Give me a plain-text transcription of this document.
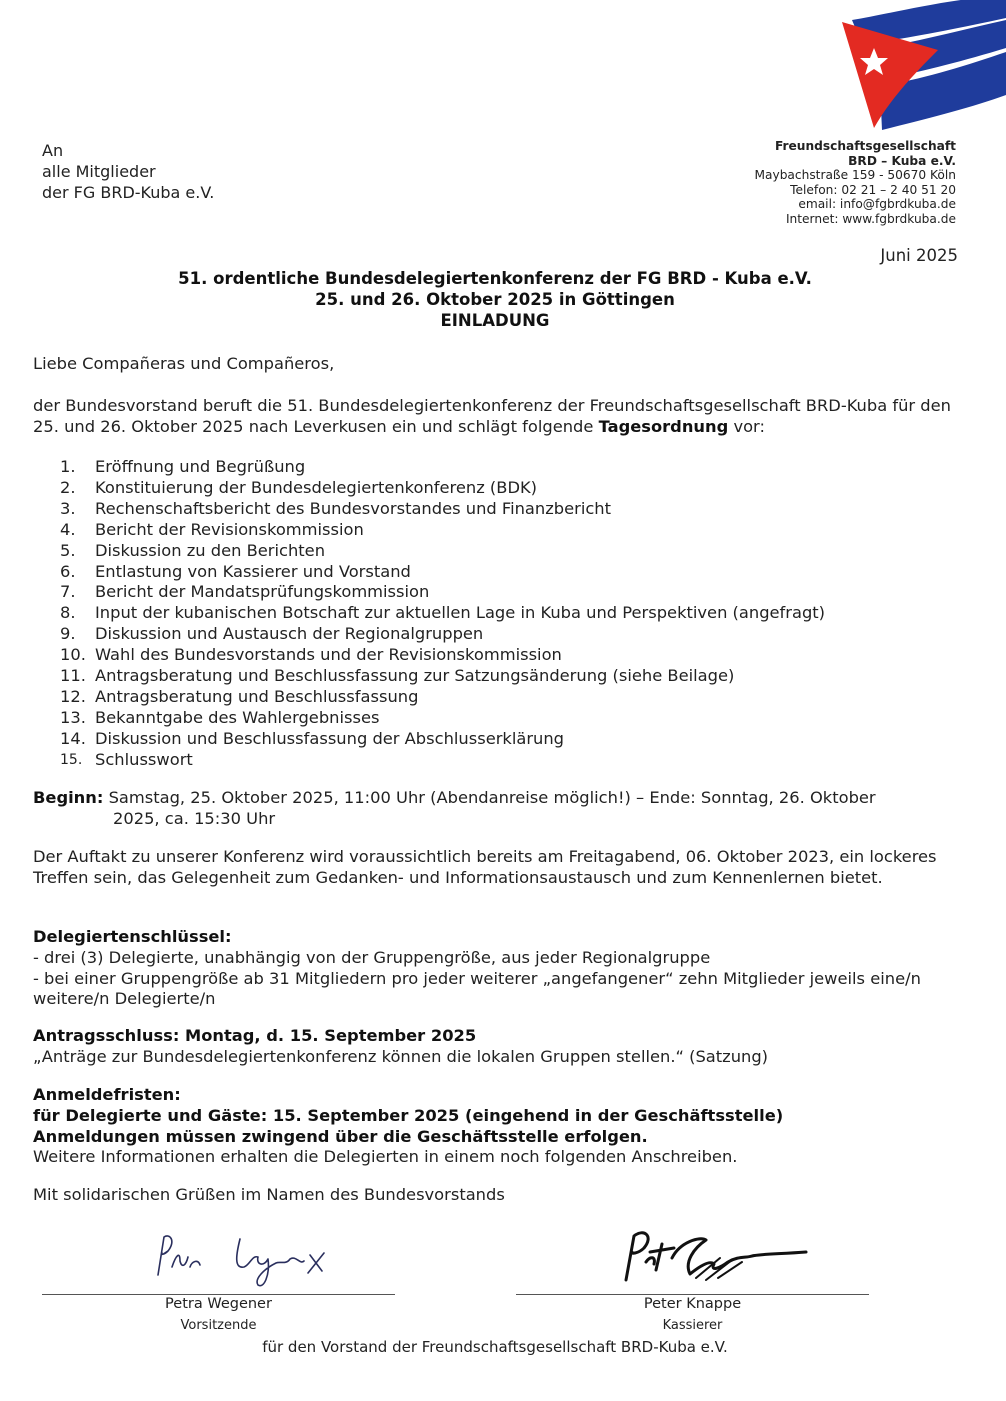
An
alle Mitglieder
der FG BRD-Kuba e.V.
Freundschaftsgesellschaft
BRD – Kuba e.V.
Maybachstraße 159 - 50670 Köln
Telefon: 02 21 – 2 40 51 20
email: info@fgbrdkuba.de
Internet: www.fgbrdkuba.de
Juni 2025
51. ordentliche Bundesdelegiertenkonferenz der FG BRD - Kuba e.V.
25. und 26. Oktober 2025 in Göttingen
EINLADUNG
Liebe Compañeras und Compañeros,
der Bundesvorstand beruft die 51. Bundesdelegiertenkonferenz der Freundschaftsgesellschaft BRD-Kuba für den 25. und 26. Oktober 2025 nach Leverkusen ein und schlägt folgende Tagesordnung vor:
1.	Eröffnung und Begrüßung
2.	Konstituierung der Bundesdelegiertenkonferenz (BDK)
3.	Rechenschaftsbericht des Bundesvorstandes und Finanzbericht
4.	Bericht der Revisionskommission
5.	Diskussion zu den Berichten
6.	Entlastung von Kassierer und Vorstand
7.	Bericht der Mandatsprüfungskommission
8.	Input der kubanischen Botschaft zur aktuellen Lage in Kuba und Perspektiven (angefragt)
9.	Diskussion und Austausch der Regionalgruppen
10. Wahl des Bundesvorstands und der Revisionskommission
11. Antragsberatung und Beschlussfassung zur Satzungsänderung (siehe Beilage)
12. Antragsberatung und Beschlussfassung
13. Bekanntgabe des Wahlergebnisses
14. Diskussion und Beschlussfassung der Abschlusserklärung
15. Schlusswort
Beginn: Samstag, 25. Oktober 2025, 11:00 Uhr (Abendanreise möglich!) – Ende: Sonntag, 26. Oktober
2025, ca. 15:30 Uhr
Der Auftakt zu unserer Konferenz wird voraussichtlich bereits am Freitagabend, 06. Oktober 2023, ein lockeres Treffen sein, das Gelegenheit zum Gedanken- und Informationsaustausch und zum Kennenlernen bietet.
Delegiertenschlüssel:
- drei (3) Delegierte, unabhängig von der Gruppengröße, aus jeder Regionalgruppe
- bei einer Gruppengröße ab 31 Mitgliedern pro jeder weiterer „angefangener“ zehn Mitglieder jeweils eine/n weitere/n Delegierte/n
Antragsschluss: Montag, d. 15. September 2025
„Anträge zur Bundesdelegiertenkonferenz können die lokalen Gruppen stellen.“ (Satzung)
Anmeldefristen:
für Delegierte und Gäste: 15. September 2025 (eingehend in der Geschäftsstelle)
Anmeldungen müssen zwingend über die Geschäftsstelle erfolgen.
Weitere Informationen erhalten die Delegierten in einem noch folgenden Anschreiben.
Mit solidarischen Grüßen im Namen des Bundesvorstands
Petra Wegener
Vorsitzende
Peter Knappe
Kassierer
für den Vorstand der Freundschaftsgesellschaft BRD-Kuba e.V.
